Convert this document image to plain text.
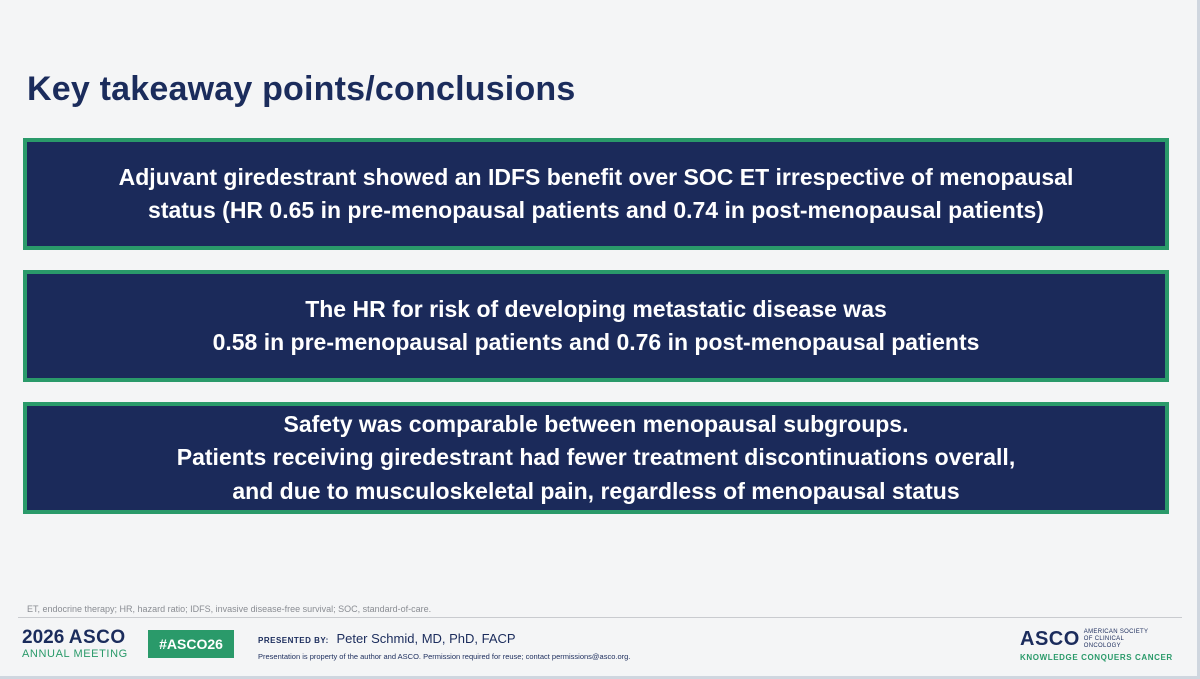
Key takeaway points/conclusions
Adjuvant giredestrant showed an IDFS benefit over SOC ET irrespective of menopausal
status (HR 0.65 in pre-menopausal patients and 0.74 in post-menopausal patients)
The HR for risk of developing metastatic disease was
0.58 in pre-menopausal patients and 0.76 in post-menopausal patients
Safety was comparable between menopausal subgroups.
Patients receiving giredestrant had fewer treatment discontinuations overall,
and due to musculoskeletal pain, regardless of menopausal status
ET, endocrine therapy; HR, hazard ratio; IDFS, invasive disease-free survival; SOC, standard-of-care.
2026 ASCO
ANNUAL MEETING
#ASCO26	PRESENTED BY: Peter Schmid, MD, PhD, FACP
Presentation is property of the author and ASCO. Permission required for reuse; contact permissions@asco.org.
ASCO AMERICAN SOCIETY OF CLINICAL ONCOLOGY
KNOWLEDGE CONQUERS CANCER
